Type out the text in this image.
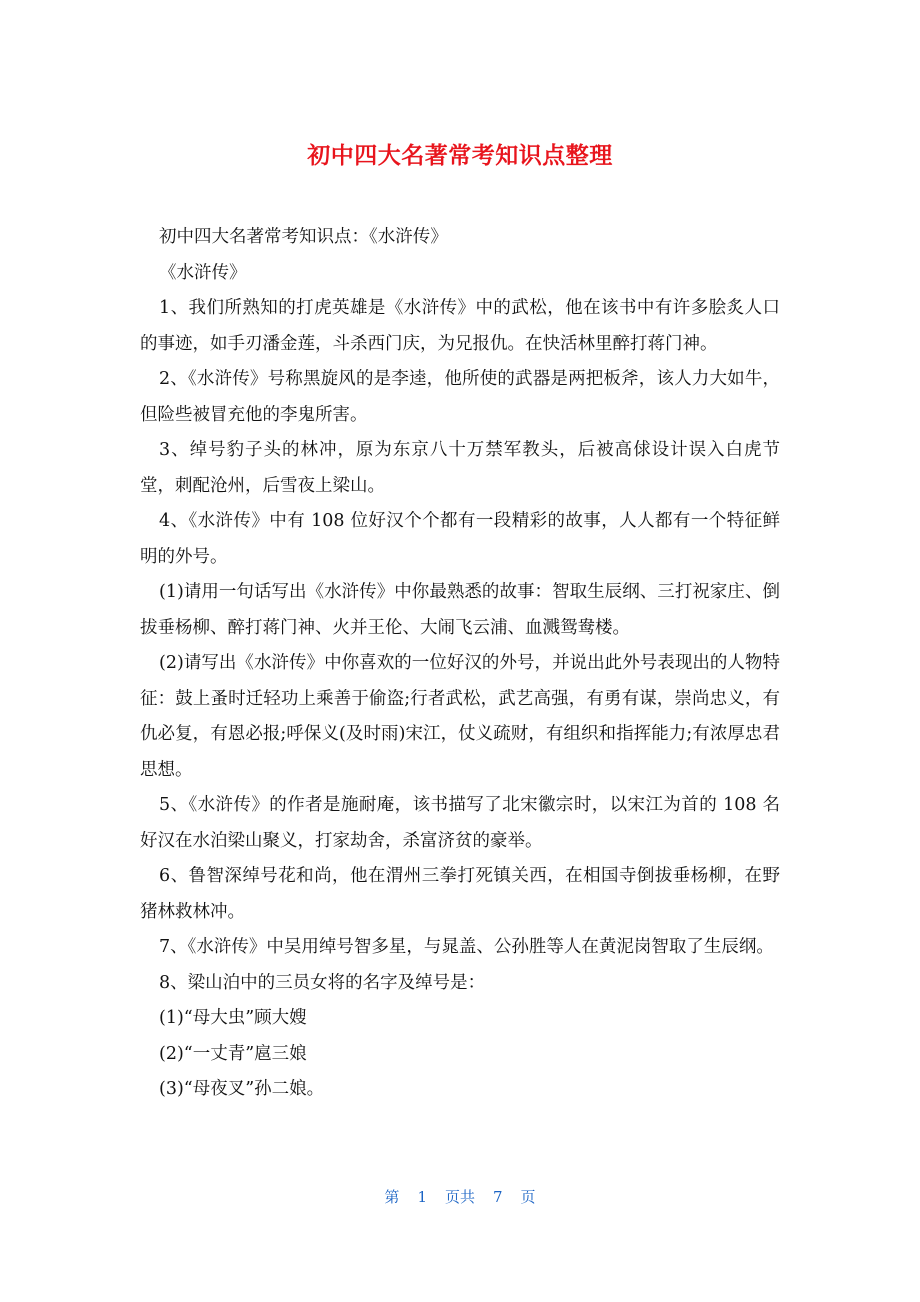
初中四大名著常考知识点整理

初中四大名著常考知识点：《水浒传》

《水浒传》

1、我们所熟知的打虎英雄是《水浒传》中的武松，他在该书中有许多脍炙人口的事迹，如手刃潘金莲，斗杀西门庆，为兄报仇。在快活林里醉打蒋门神。

2、《水浒传》号称黑旋风的是李逵，他所使的武器是两把板斧，该人力大如牛，但险些被冒充他的李鬼所害。

3、绰号豹子头的林冲，原为东京八十万禁军教头，后被高俅设计误入白虎节堂，刺配沧州，后雪夜上梁山。

4、《水浒传》中有 108 位好汉个个都有一段精彩的故事，人人都有一个特征鲜明的外号。

(1)请用一句话写出《水浒传》中你最熟悉的故事：智取生辰纲、三打祝家庄、倒拔垂杨柳、醉打蒋门神、火并王伦、大闹飞云浦、血溅鸳鸯楼。

(2)请写出《水浒传》中你喜欢的一位好汉的外号，并说出此外号表现出的人物特征：鼓上蚤时迁轻功上乘善于偷盗;行者武松，武艺高强，有勇有谋，崇尚忠义，有仇必复，有恩必报;呼保义(及时雨)宋江，仗义疏财，有组织和指挥能力;有浓厚忠君思想。

5、《水浒传》的作者是施耐庵，该书描写了北宋徽宗时，以宋江为首的 108 名好汉在水泊梁山聚义，打家劫舍，杀富济贫的豪举。

6、鲁智深绰号花和尚，他在渭州三拳打死镇关西，在相国寺倒拔垂杨柳，在野猪林救林冲。

7、《水浒传》中吴用绰号智多星，与晁盖、公孙胜等人在黄泥岗智取了生辰纲。

8、梁山泊中的三员女将的名字及绰号是：

(1)“母大虫”顾大嫂

(2)“一丈青”扈三娘

(3)“母夜叉”孙二娘。

第 1 页共 7 页
